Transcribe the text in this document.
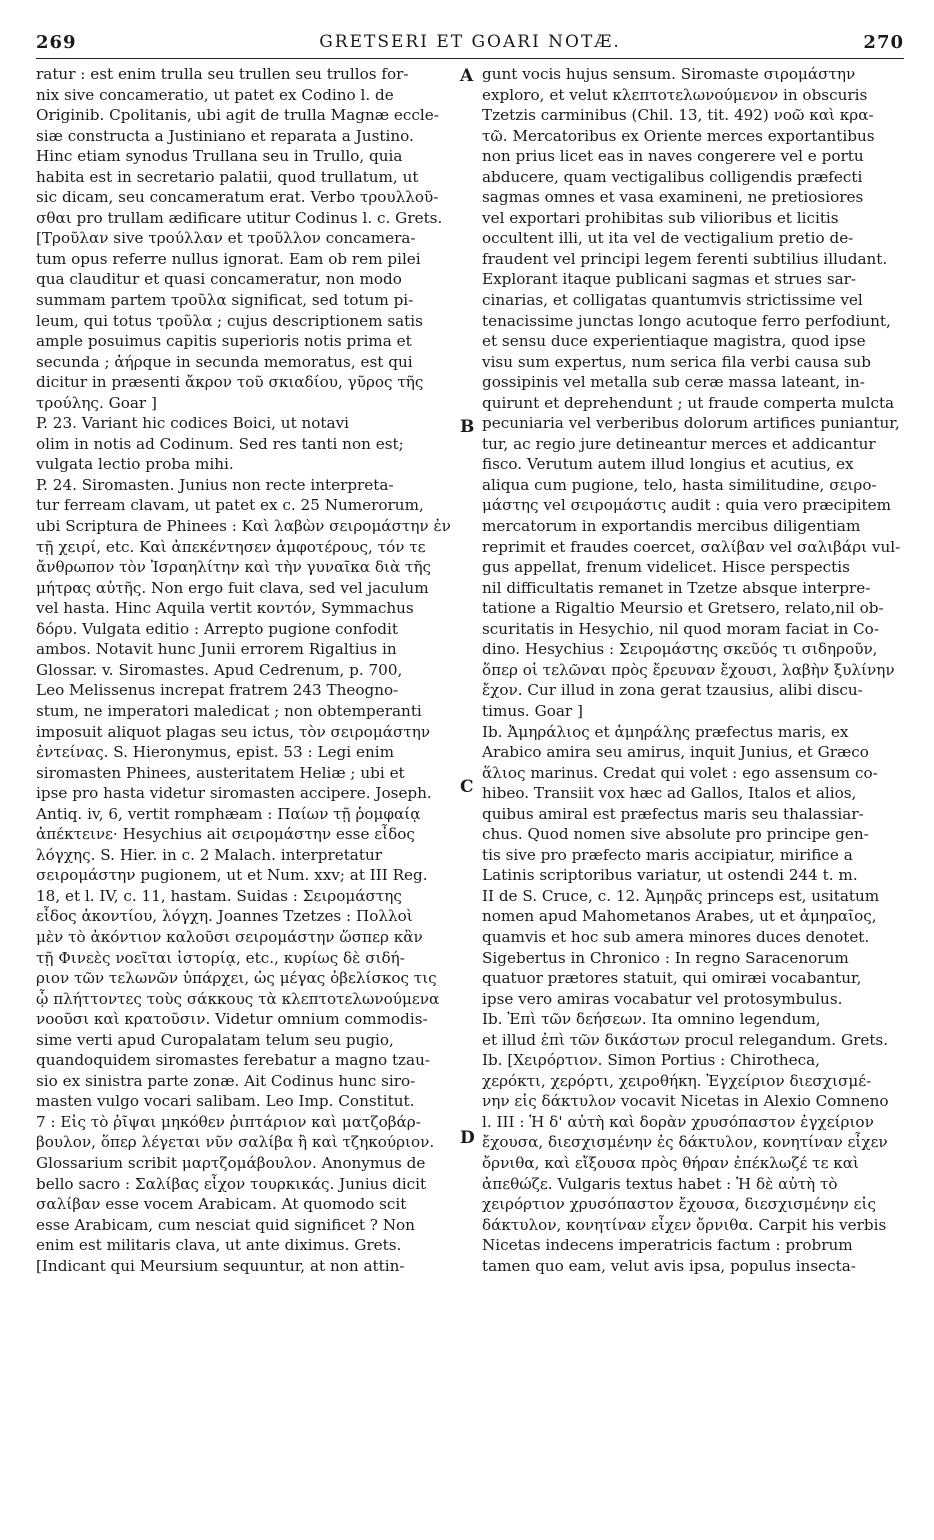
269	GRETSERI ET GOARI NOTÆ.	270
A
B
C
D

ratur : est enim trulla seu trullen seu trullos for-

nix sive concameratio, ut patet ex Codino l. de

Originib. Cpolitanis, ubi agit de trulla Magnæ eccle-

siæ constructa a Justiniano et reparata a Justino.

Hinc etiam synodus Trullana seu in Trullo, quia

habita est in secretario palatii, quod trullatum, ut

sic dicam, seu concameratum erat. Verbo τρουλλοῦ-

σθαι pro trullam ædificare utitur Codinus l. c. Grets.

[Τροῦλαν sive τρούλλαν et τροῦλλον concamera-

tum opus referre nullus ignorat. Eam ob rem pilei

qua clauditur et quasi concameratur, non modo

summam partem τροῦλα significat, sed totum pi-

leum, qui totus τροῦλα ; cujus descriptionem satis

ample posuimus capitis superioris notis prima et

secunda ; ἀήρque in secunda memoratus, est qui

dicitur in præsenti ἄκρον τοῦ σκιαδίου, γῦρος τῆς

τρούλης. Goar ]

P. 23. Variant hic codices Boici, ut notavi

olim in notis ad Codinum. Sed res tanti non est;

vulgata lectio proba mihi.

P. 24. Siromasten. Junius non recte interpreta-

tur ferream clavam, ut patet ex c. 25 Numerorum,

ubi Scriptura de Phinees : Καὶ λαβὼν σειρομάστην ἐν

τῇ χειρί, etc. Καὶ ἀπεκέντησεν ἀμφοτέρους, τόν τε

ἄνθρωπον τὸν Ἰσραηλίτην καὶ τὴν γυναῖκα διὰ τῆς

μήτρας αὐτῆς. Non ergo fuit clava, sed vel jaculum

vel hasta. Hinc Aquila vertit κοντόν, Symmachus

δόρυ. Vulgata editio : Arrepto pugione confodit

ambos. Notavit hunc Junii errorem Rigaltius in

Glossar. v. Siromastes. Apud Cedrenum, p. 700,

Leo Melissenus increpat fratrem 243 Theogno-

stum, ne imperatori maledicat ; non obtemperanti

imposuit aliquot plagas seu ictus, τὸν σειρομάστην

ἐντείνας. S. Hieronymus, epist. 53 : Legi enim

siromasten Phinees, austeritatem Heliæ ; ubi et

ipse pro hasta videtur siromasten accipere. Joseph.

Antiq. iv, 6, vertit romphæam : Παίων τῇ ῥομφαίᾳ

ἀπέκτεινε· Hesychius ait σειρομάστην esse εἶδος

λόγχης. S. Hier. in c. 2 Malach. interpretatur

σειρομάστην pugionem, ut et Num. xxv; at III Reg.

18, et l. IV, c. 11, hastam. Suidas : Σειρομάστης

εἶδος ἀκοντίου, λόγχη. Joannes Tzetzes : Πολλοὶ

μὲν τὸ ἀκόντιον καλοῦσι σειρομάστην ὥσπερ κἂν

τῇ Φινεὲς νοεῖται ἱστορίᾳ, etc., κυρίως δὲ σιδή-

ριον τῶν τελωνῶν ὑπάρχει, ὡς μέγας ὀβελίσκος τις

ᾧ πλήττοντες τοὺς σάκκους τὰ κλεπτοτελωνούμενα

νοοῦσι καὶ κρατοῦσιν. Videtur omnium commodis-

sime verti apud Curopalatam telum seu pugio,

quandoquidem siromastes ferebatur a magno tzau-

sio ex sinistra parte zonæ. Ait Codinus hunc siro-

masten vulgo vocari salibam. Leo Imp. Constitut.

7 : Εἰς τὸ ῥῖψαι μηκόθεν ῥιπτάριον καὶ ματζοβάρ-

βουλον, ὅπερ λέγεται νῦν σαλίβα ἢ καὶ τζηκούριον.

Glossarium scribit μαρτζομάβουλον. Anonymus de

bello sacro : Σαλίβας εἶχον τουρκικάς. Junius dicit

σαλίβαν esse vocem Arabicam. At quomodo scit

esse Arabicam, cum nesciat quid significet ? Non

enim est militaris clava, ut ante diximus. Grets.

[Indicant qui Meursium sequuntur, at non attin-

gunt vocis hujus sensum. Siromaste σιρομάστην

exploro, et velut κλεπτοτελωνούμενον in obscuris

Tzetzis carminibus (Chil. 13, tit. 492) νοῶ καὶ κρα-

τῶ. Mercatoribus ex Oriente merces exportantibus

non prius licet eas in naves congerere vel e portu

abducere, quam vectigalibus colligendis præfecti

sagmas omnes et vasa examineni, ne pretiosiores

vel exportari prohibitas sub vilioribus et licitis

occultent illi, ut ita vel de vectigalium pretio de-

fraudent vel principi legem ferenti subtilius illudant.

Explorant itaque publicani sagmas et strues sar-

cinarias, et colligatas quantumvis strictissime vel

tenacissime junctas longo acutoque ferro perfodiunt,

et sensu duce experientiaque magistra, quod ipse

visu sum expertus, num serica fila verbi causa sub

gossipinis vel metalla sub ceræ massa lateant, in-

quirunt et deprehendunt ; ut fraude comperta mulcta

pecuniaria vel verberibus dolorum artifices puniantur,

tur, ac regio jure detineantur merces et addicantur

fisco. Verutum autem illud longius et acutius, ex

aliqua cum pugione, telo, hasta similitudine, σειρο-

μάστης vel σειρομάστις audit : quia vero præcipitem

mercatorum in exportandis mercibus diligentiam

reprimit et fraudes coercet, σαλίβαν vel σαλιβάρι vul-

gus appellat, frenum videlicet. Hisce perspectis

nil difficultatis remanet in Tzetze absque interpre-

tatione a Rigaltio Meursio et Gretsero, relato,nil ob-

scuritatis in Hesychio, nil quod moram faciat in Co-

dino. Hesychius : Σειρομάστης σκεῦός τι σιδηροῦν,

ὅπερ οἱ τελῶναι πρὸς ἔρευναν ἔχουσι, λαβὴν ξυλίνην

ἔχον. Cur illud in zona gerat tzausius, alibi discu-

timus. Goar ]

Ib. Ἀμηράλιος et ἀμηράλης præfectus maris, ex

Arabico amira seu amirus, inquit Junius, et Græco

ἅλιος marinus. Credat qui volet : ego assensum co-

hibeo. Transiit vox hæc ad Gallos, Italos et alios,

quibus amiral est præfectus maris seu thalassiar-

chus. Quod nomen sive absolute pro principe gen-

tis sive pro præfecto maris accipiatur, mirifice a

Latinis scriptoribus variatur, ut ostendi 244 t. m.

II de S. Cruce, c. 12. Ἀμηρᾶς princeps est, usitatum

nomen apud Mahometanos Arabes, ut et ἀμηραῖος,

quamvis et hoc sub amera minores duces denotet.

Sigebertus in Chronico : In regno Saracenorum

quatuor prætores statuit, qui omiræi vocabantur,

ipse vero amiras vocabatur vel protosymbulus.

Ib. Ἐπὶ τῶν δεήσεων. Ita omnino legendum,

et illud ἐπὶ τῶν δικάστων procul relegandum. Grets.

Ib. [Χειρόρτιον. Simon Portius : Chirotheca,

χερόκτι, χερόρτι, χειροθήκη. Ἐγχείριον διεσχισμέ-

νην εἰς δάκτυλον vocavit Nicetas in Alexio Comneno

l. III : Ἡ δ' αὐτὴ καὶ δορὰν χρυσόπαστον ἐγχείριον

ἔχουσα, διεσχισμένην ἐς δάκτυλον, κονητίναν εἶχεν

ὄρνιθα, καὶ εἴξουσα πρὸς θήραν ἐπέκλωζέ τε καὶ

ἀπεθώζε. Vulgaris textus habet : Ἡ δὲ αὐτὴ τὸ

χειρόρτιον χρυσόπαστον ἔχουσα, διεσχισμένην εἰς

δάκτυλον, κονητίναν εἶχεν ὄρνιθα. Carpit his verbis

Nicetas indecens imperatricis factum : probrum

tamen quo eam, velut avis ipsa, populus insecta-
